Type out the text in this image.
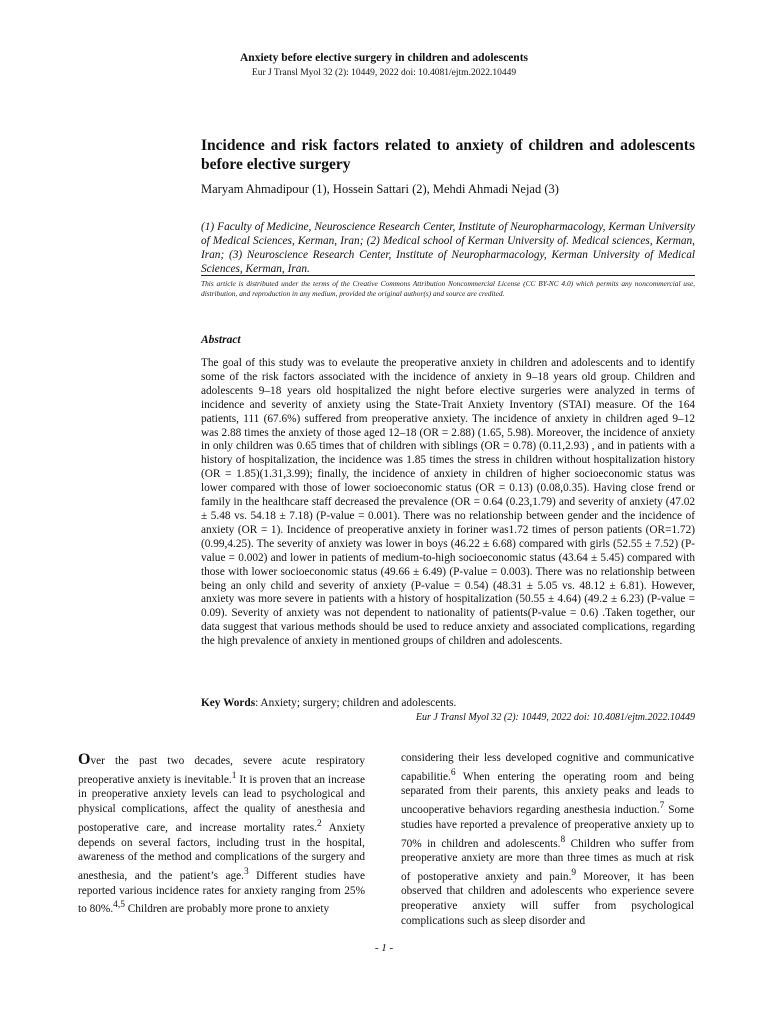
Anxiety before elective surgery in children and adolescents
Eur J Transl Myol 32 (2): 10449, 2022 doi: 10.4081/ejtm.2022.10449
Incidence and risk factors related to anxiety of children and adolescents before elective surgery
Maryam Ahmadipour (1), Hossein Sattari (2), Mehdi Ahmadi Nejad (3)
(1) Faculty of Medicine, Neuroscience Research Center, Institute of Neuropharmacology, Kerman University of Medical Sciences, Kerman, Iran; (2) Medical school of Kerman University of. Medical sciences, Kerman, Iran; (3) Neuroscience Research Center, Institute of Neuropharmacology, Kerman University of Medical Sciences, Kerman, Iran.
This article is distributed under the terms of the Creative Commons Attribution Noncommercial License (CC BY-NC 4.0) which permits any noncommercial use, distribution, and reproduction in any medium, provided the original author(s) and source are credited.
Abstract
The goal of this study was to evelaute the preoperative anxiety in children and adolescents and to identify some of the risk factors associated with the incidence of anxiety in 9–18 years old group. Children and adolescents 9–18 years old hospitalized the night before elective surgeries were analyzed in terms of incidence and severity of anxiety using the State-Trait Anxiety Inventory (STAI) measure. Of the 164 patients, 111 (67.6%) suffered from preoperative anxiety. The incidence of anxiety in children aged 9–12 was 2.88 times the anxiety of those aged 12–18 (OR = 2.88) (1.65, 5.98). Moreover, the incidence of anxiety in only children was 0.65 times that of children with siblings (OR = 0.78) (0.11,2.93) , and in patients with a history of hospitalization, the incidence was 1.85 times the stress in children without hospitalization history (OR = 1.85)(1.31,3.99); finally, the incidence of anxiety in children of higher socioeconomic status was lower compared with those of lower socioeconomic status (OR = 0.13) (0.08,0.35). Having close frend or family in the healthcare staff decreased the prevalence (OR = 0.64 (0.23,1.79) and severity of anxiety (47.02 ± 5.48 vs. 54.18 ± 7.18) (P-value = 0.001). There was no relationship between gender and the incidence of anxiety (OR = 1). Incidence of preoperative anxiety in foriner was1.72 times of person patients (OR=1.72) (0.99,4.25). The severity of anxiety was lower in boys (46.22 ± 6.68) compared with girls (52.55 ± 7.52) (P-value = 0.002) and lower in patients of medium-to-high socioeconomic status (43.64 ± 5.45) compared with those with lower socioeconomic status (49.66 ± 6.49) (P-value = 0.003). There was no relationship between being an only child and severity of anxiety (P-value = 0.54) (48.31 ± 5.05 vs. 48.12 ± 6.81). However, anxiety was more severe in patients with a history of hospitalization (50.55 ± 4.64) (49.2 ± 6.23) (P-value = 0.09). Severity of anxiety was not dependent to nationality of patients(P-value = 0.6) .Taken together, our data suggest that various methods should be used to reduce anxiety and associated complications, regarding the high prevalence of anxiety in mentioned groups of children and adolescents.
Key Words: Anxiety; surgery; children and adolescents.
Eur J Transl Myol 32 (2): 10449, 2022 doi: 10.4081/ejtm.2022.10449
Over the past two decades, severe acute respiratory preoperative anxiety is inevitable.$^1$ It is proven that an increase in preoperative anxiety levels can lead to psychological and physical complications, affect the quality of anesthesia and postoperative care, and increase mortality rates.$^2$ Anxiety depends on several factors, including trust in the hospital, awareness of the method and complications of the surgery and anesthesia, and the patient’s age.$^3$ Different studies have reported various incidence rates for anxiety ranging from 25% to 80%.$^{4,5}$ Children are probably more prone to anxiety
considering their less developed cognitive and communicative capabilitie.$^6$ When entering the operating room and being separated from their parents, this anxiety peaks and leads to uncooperative behaviors regarding anesthesia induction.$^7$ Some studies have reported a prevalence of preoperative anxiety up to 70% in children and adolescents.$^8$ Children who suffer from preoperative anxiety are more than three times as much at risk of postoperative anxiety and pain.$^9$ Moreover, it has been observed that children and adolescents who experience severe preoperative anxiety will suffer from psychological complications such as sleep disorder and
- 1 -
